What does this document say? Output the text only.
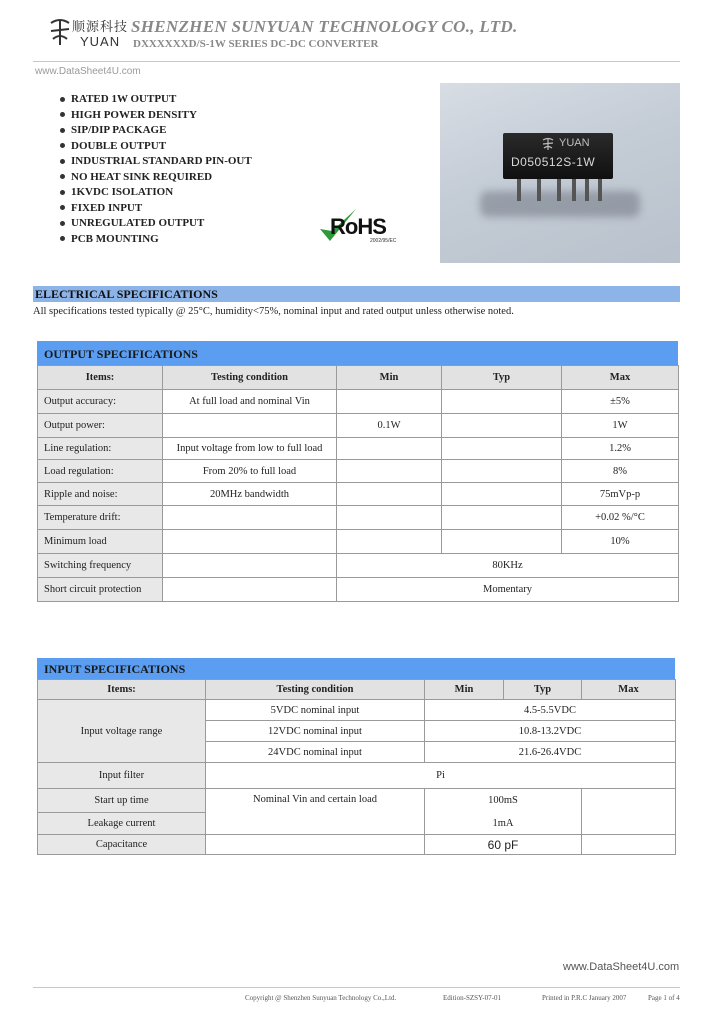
顺源科技
YUAN
SHENZHEN SUNYUAN TECHNOLOGY CO., LTD.
DXXXXXXD/S-1W SERIES DC-DC CONVERTER
www.DataSheet4U.com
RATED 1W OUTPUT
HIGH POWER DENSITY
SIP/DIP PACKAGE
DOUBLE OUTPUT
INDUSTRIAL STANDARD PIN-OUT
NO HEAT SINK REQUIRED
1KVDC ISOLATION
FIXED INPUT
UNREGULATED OUTPUT
PCB MOUNTING
YUAN
D050512S-1W
RoHS
2002/95/EC
ELECTRICAL SPECIFICATIONS
All specifications tested typically @ 25°C, humidity<75%, nominal input and rated output unless otherwise noted.
OUTPUT SPECIFICATIONS
Items:	Testing condition	Min	Typ	Max
Output accuracy:	At full load and nominal Vin			±5%
Output power:		0.1W		1W
Line regulation:	Input voltage from low to full load			1.2%
Load regulation:	From 20% to full load			8%
Ripple and noise:	20MHz bandwidth			75mVp-p
Temperature drift:				+0.02 %/°C
Minimum load				10%
Switching frequency		80KHz		
Short circuit protection		Momentary		
INPUT SPECIFICATIONS
Items:	Testing condition	Min	Typ	Max
Input voltage range	5VDC nominal input	4.5-5.5VDC		
	12VDC nominal input	10.8-13.2VDC		
	24VDC nominal input	21.6-26.4VDC		
Input filter	Pi			
Start up time	Nominal Vin and certain load	100mS		
Leakage current		1mA		
Capacitance		60 pF		
www.DataSheet4U.com
Copyright @ Shenzhen Sunyuan Technology Co.,Ltd.	Edition-SZSY-07-01	Printed in P.R.C January 2007	Page 1 of 4
